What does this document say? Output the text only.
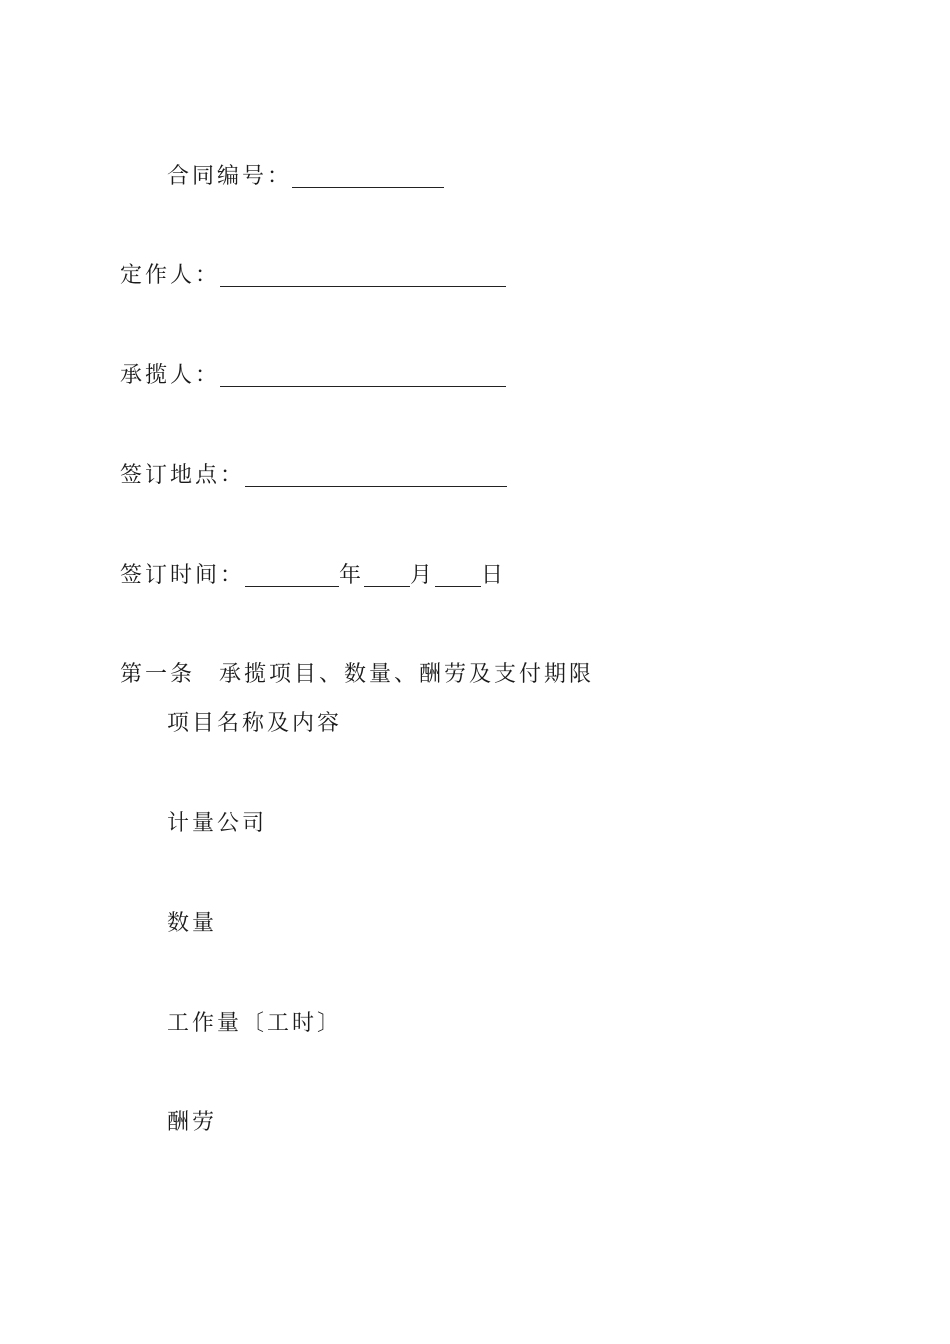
合同编号：
定作人：
承揽人：
签订地点：
签订时间：	年 月 日
第一条 承揽项目、数量、酬劳及支付期限
项目名称及内容
计量公司
数量
工作量〔工时〕
酬劳
